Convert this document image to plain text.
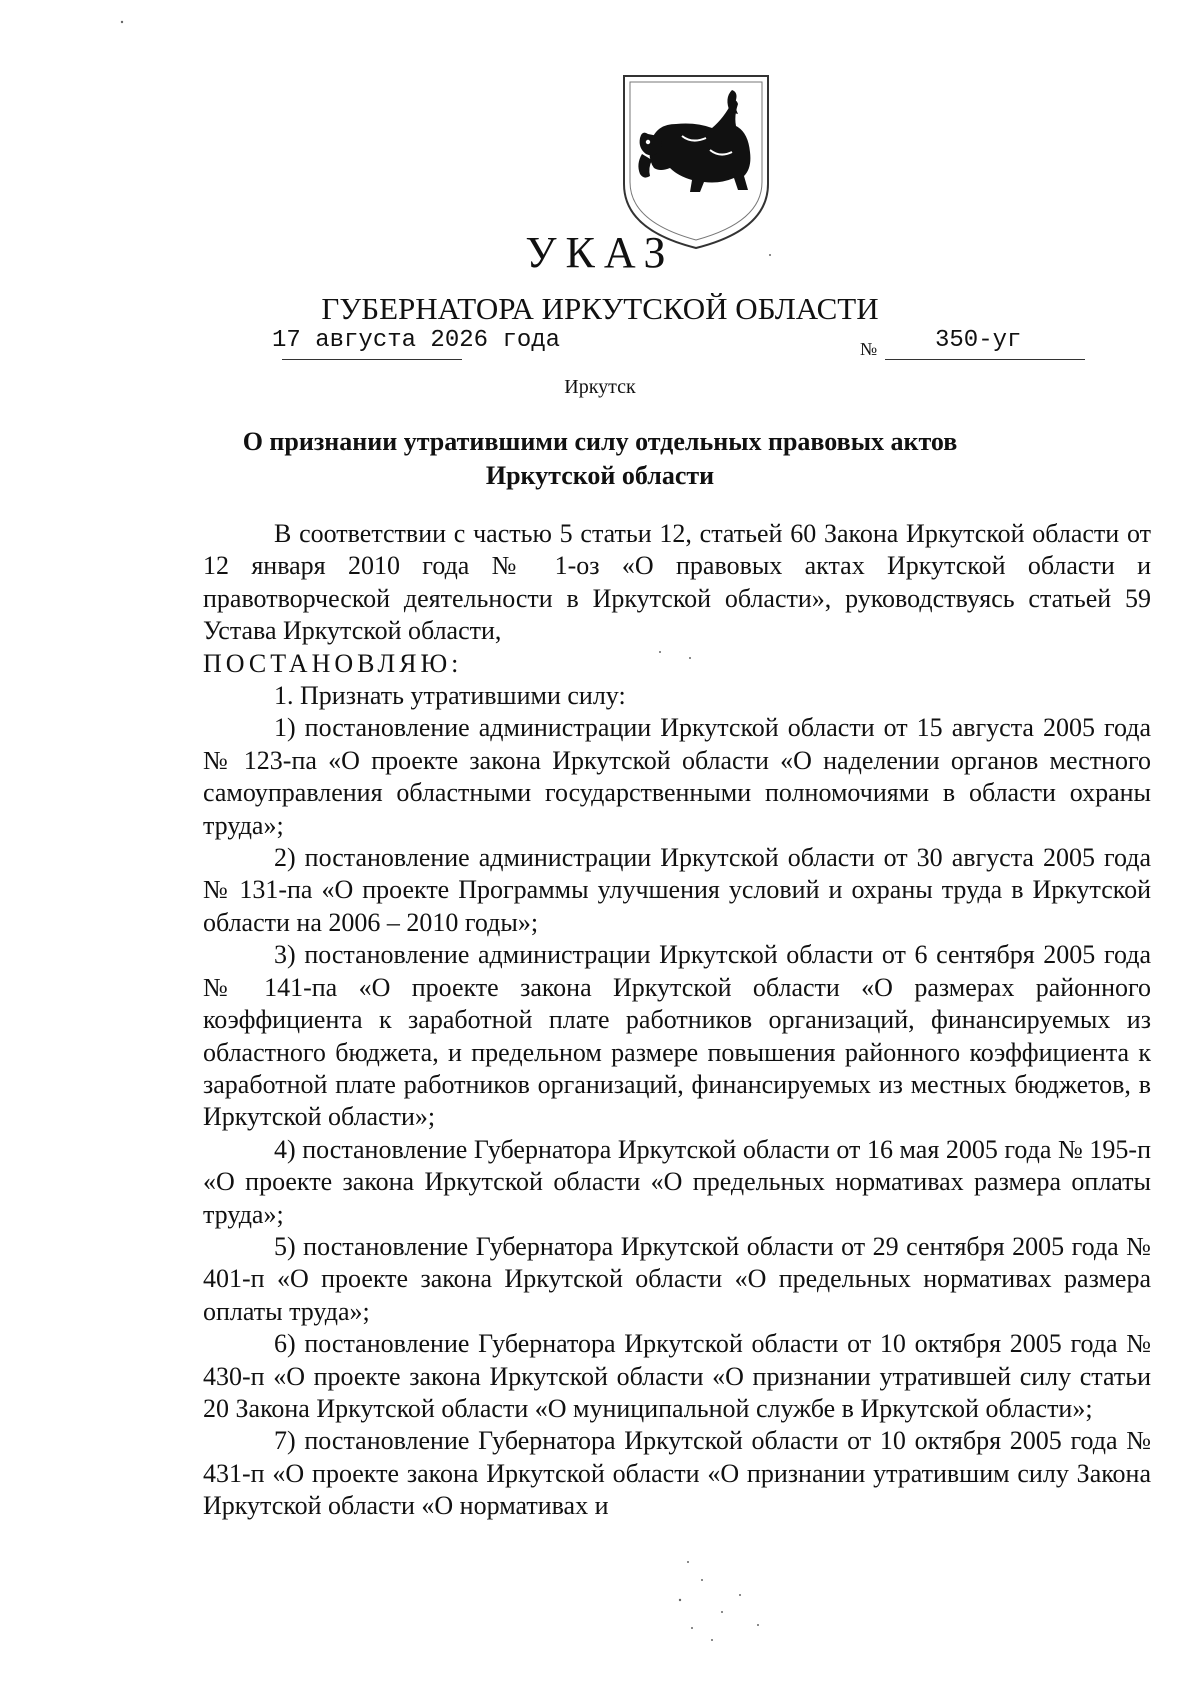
УКАЗ
ГУБЕРНАТОРА ИРКУТСКОЙ ОБЛАСТИ
17 августа 2026 года	№ 350-уг
Иркутск
О признании утратившими силу отдельных правовых актов
Иркутской области

В соответствии с частью 5 статьи 12, статьей 60 Закона Иркутской области от 12 января 2010 года № 1-оз «О правовых актах Иркутской области и правотворческой деятельности в Иркутской области», руководствуясь статьей 59 Устава Иркутской области,

ПОСТАНОВЛЯЮ:

1. Признать утратившими силу:

1) постановление администрации Иркутской области от 15 августа 2005 года № 123-па «О проекте закона Иркутской области «О наделении органов местного самоуправления областными государственными полномочиями в области охраны труда»;

2) постановление администрации Иркутской области от 30 августа 2005 года № 131-па «О проекте Программы улучшения условий и охраны труда в Иркутской области на 2006 – 2010 годы»;

3) постановление администрации Иркутской области от 6 сентября 2005 года № 141-па «О проекте закона Иркутской области «О размерах районного коэффициента к заработной плате работников организаций, финансируемых из областного бюджета, и предельном размере повышения районного коэффициента к заработной плате работников организаций, финансируемых из местных бюджетов, в Иркутской области»;

4) постановление Губернатора Иркутской области от 16 мая 2005 года № 195-п «О проекте закона Иркутской области «О предельных нормативах размера оплаты труда»;

5) постановление Губернатора Иркутской области от 29 сентября 2005 года № 401-п «О проекте закона Иркутской области «О предельных нормативах размера оплаты труда»;

6) постановление Губернатора Иркутской области от 10 октября 2005 года № 430-п «О проекте закона Иркутской области «О признании утратившей силу статьи 20 Закона Иркутской области «О муниципальной службе в Иркутской области»;

7) постановление Губернатора Иркутской области от 10 октября 2005 года № 431-п «О проекте закона Иркутской области «О признании утратившим силу Закона Иркутской области «О нормативах и
